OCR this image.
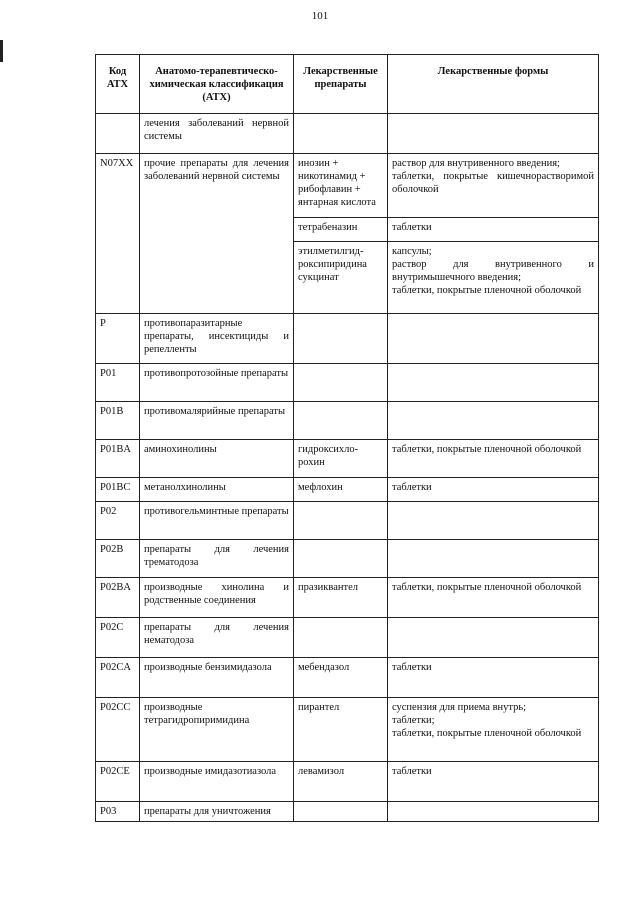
101
Код
АТХ	Анатомо-терапевтическо-химическая классификация (АТХ)	Лекарственные препараты	Лекарственные формы
	лечения заболеваний нервной системы		
N07XX	прочие препараты для лечения заболеваний нервной системы	инозин +
никотинамид +
рибофлавин +
янтарная кислота	раствор для внутривенного введения;
таблетки, покрытые кишечнорастворимой оболочкой
		тетрабеназин	таблетки
		этилметилгид-
роксипиридина
сукцинат	капсулы;
раствор для внутривенного и внутримышечного введения;
таблетки, покрытые пленочной оболочкой
P	противопаразитарные препараты, инсектициды и репелленты		
P01	противопротозойные препараты		
P01B	противомалярийные препараты		
P01BA	аминохинолины	гидроксихло-
рохин	таблетки, покрытые пленочной оболочкой
P01BC	метанолхинолины	мефлохин	таблетки
P02	противогельминтные препараты		
P02B	препараты для лечения трематодоза		
P02BA	производные хинолина и родственные соединения	празиквантел	таблетки, покрытые пленочной оболочкой
P02C	препараты для лечения нематодоза		
P02CA	производные бензимидазола	мебендазол	таблетки
P02CC	производные тетрагидропиримидина	пирантел	суспензия для приема внутрь;
таблетки;
таблетки, покрытые пленочной оболочкой
P02CE	производные имидазотиазола	левамизол	таблетки
P03	препараты для уничтожения		
